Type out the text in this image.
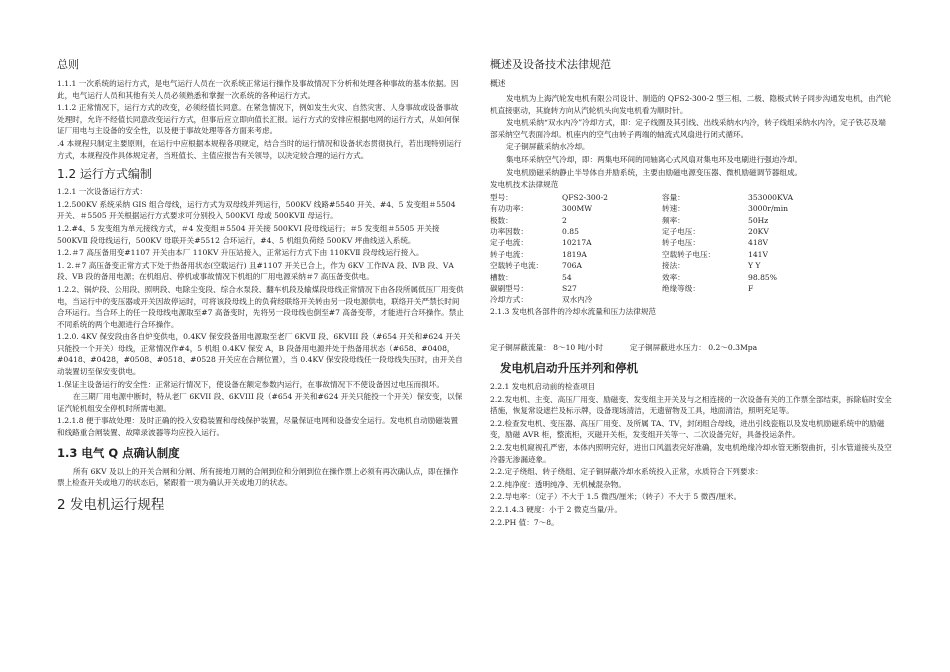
总则

1.1.1 一次系统的运行方式，是电气运行人员在一次系统正常运行操作及事故情况下分析和处理各种事故的基本依据。因此，电气运行人员和其他有关人员必须熟悉和掌握一次系统的各种运行方式。

1.1.2 正常情况下，运行方式的改变，必须经值长同意。在紧急情况下，例如发生火灾、自然灾害、人身事故或设备事故处理时，允许不经值长同意改变运行方式，但事后应立即向值长汇报。运行方式的安排应根据电网的运行方式，从如何保证厂用电与主设备的安全性，以及便于事故处理等各方面来考虑。

.4 本规程只制定主要原则，在运行中应根据本规程各项规定，结合当时的运行情况和设备状态贯彻执行，若出现特别运行方式，本规程没作具体规定者，当班值长、主值应报告有关领导，以决定较合理的运行方式。

1.2 运行方式编制

1.2.1 一次设备运行方式：

1.2.500KV 系统采纳 GIS 组合母线，运行方式为双母线并列运行，500KV 线路#5540 开关、#4、5 发变组＃5504 开关、＃5505 开关根据运行方式要求可分别投入 500KVⅠ 母或 500KVⅡ 母运行。

1.2.#4、5 发变组为单元接线方式，＃4 发变组＃5504 开关接 500KVⅠ 段母线运行；＃5 发变组＃5505 开关接 500KVⅡ 段母线运行，500KV 母联开关#5512 合环运行，#4、5 机组负荷经 500KV 坪曲线送入系统。

1.2.＃7 高压备用变#1107 开关由本厂 110KV 升压站接入，正常运行方式下由 110KVⅡ 段母线运行接入。

1. 2.＃7 高压备变正常方式下处于热备用状态(空载运行) 且#1107 开关已合上，作为 6KV 工作ⅣA 段、ⅣB 段、ⅤA 段、ⅤB 段的备用电源；在机组启、停机或事故情况下机组的厂用电源采纳＃7 高压备变供电。

1.2.2、锅炉段、公用段、照明段、电除尘变段、综合水泵段、翻车机段及输煤段母线正常情况下由各段所属低压厂用变供电，当运行中的变压器或开关因故停运时，可将该段母线上的负荷经联络开关转由另一段电源供电，联络开关严禁长时间合环运行。当合环上的任一段母线电源取至#7 高备变时，先将另一段母线也倒至#7 高备变带，才能进行合环操作。禁止不同系统的两个电源进行合环操作。

1.2.0. 4KV 保安段由各自炉变供电，0.4KV 保安段备用电源取至老厂 6KVⅡ 段、6KVIII 段（#654 开关和#624 开关只能投一个开关）母线，正常情况作#4，5 机组 0.4KV 保安 A，B 段备用电源并处于热备用状态（#658、#0408，#0418、#0428，#0508、#0518、#0528 开关应在合闸位置），当 0.4KV 保安段母线任一段母线失压时，由开关自动装置切至保安变供电。

1.保证主设备运行的安全性：正常运行情况下，使设备在额定参数内运行，在事故情况下不使设备因过电压而损坏。

在三期厂用电源中断时，特从老厂 6KVII 段、6KVIII 段（#654 开关和#624 开关只能投一个开关）保安变，以保证汽轮机组安全停机时所需电源。

1.2.1.8 便于事故处理：及时正确的投入安稳装置和母线保护装置，尽量保证电网和设备安全运行。发电机自动励磁装置和线路重合闸装置、故障录波器等均应投入运行。

1.3 电气 Q 点确认制度

所有 6KV 及以上的开关合闸和分闸、所有接地刀闸的合闸到位和分闸到位在操作票上必须有再次确认点，即在操作票上检查开关或地刀的状态后，紧跟着一项为确认开关或地刀的状态。

2 发电机运行规程
概述及设备技术法律规范
概述

发电机为上海汽轮发电机有限公司设计、制造的 QFS2-300-2 型三相、二极、隐极式转子同步沟通发电机，由汽轮机直接驱动，其旋转方向从汽轮机头向发电机看为顺时针。

发电机采纳“双水内冷”冷却方式，即：定子线圈及其引线、出线采纳水内冷，转子线组采纳水内冷，定子铁芯及端部采纳空气表面冷却。机座内的空气由转子两端的轴流式风扇进行闭式循环。

定子铜屏蔽采纳水冷却。

集电环采纳空气冷却，即：两集电环间的同轴离心式风扇对集电环及电刷进行强迫冷却。

发电机励磁采纳静止半导体自并励系统，主要由励磁电源变压器、微机励磁调节器组成。

发电机技术法律规范

型号：	QFS2-300-2	容量：	353000KVA
有功功率：	300MW	转速：	3000r/min
极数：	2	频率：	50Hz
功率因数：	0.85	定子电压：	20KV
定子电流：	10217A	转子电压：	418V
转子电流：	1819A	空载转子电压：	141V
空载转子电流：	706A	接法：	Y Y
槽数：	54	效率：	98.85%
碳刷型号：	S27	绝缘等级：	F
冷却方式：	双水内冷

2.1.3 发电机各部件的冷却水流量和压力法律规范

定子铜屏蔽流量： 8～10 吨/小时	定子铜屏蔽进水压力： 0.2～0.3Mpa

发电机启动升压并列和停机

2.2.1 发电机启动前的检查项目

2.2.发电机、主变、高压厂用变、励磁变、发变组主开关及与之相连接的一次设备有关的工作票全部结束，拆除临时安全措施，恢复常设遮拦及标示牌，设备现场清洁，无遗留物及工具，地面清洁，照明充足等。

2.2.检查发电机、变压器、高压厂用变、及所属 TA、TV，封闭组合母线，进出引线瓷瓶以及发电机励磁系统中的励磁变，励磁 AVR 柜，整流柜，灭磁开关柜，发变组开关等一、二次设备完好，具备投运条件。

2.2.发电机窥视孔严密，本体内照明完好，进出口风温表完好准确，发电机绝缘冷却水管无断裂曲折，引水管道接头及空冷器无渗漏迹象。

2.2.定子绕组、转子绕组、定子铜屏蔽冷却水系统投入正常，水质符合下列要求：

2.2.纯净度：透明纯净、无机械混杂物。

2.2.导电率：（定子）不大于 1.5 微西/厘米；（转子）不大于 5 微西/厘米。

2.2.1.4.3 硬度：小于 2 微克当量/升。

2.2.PH 值：7～8。
